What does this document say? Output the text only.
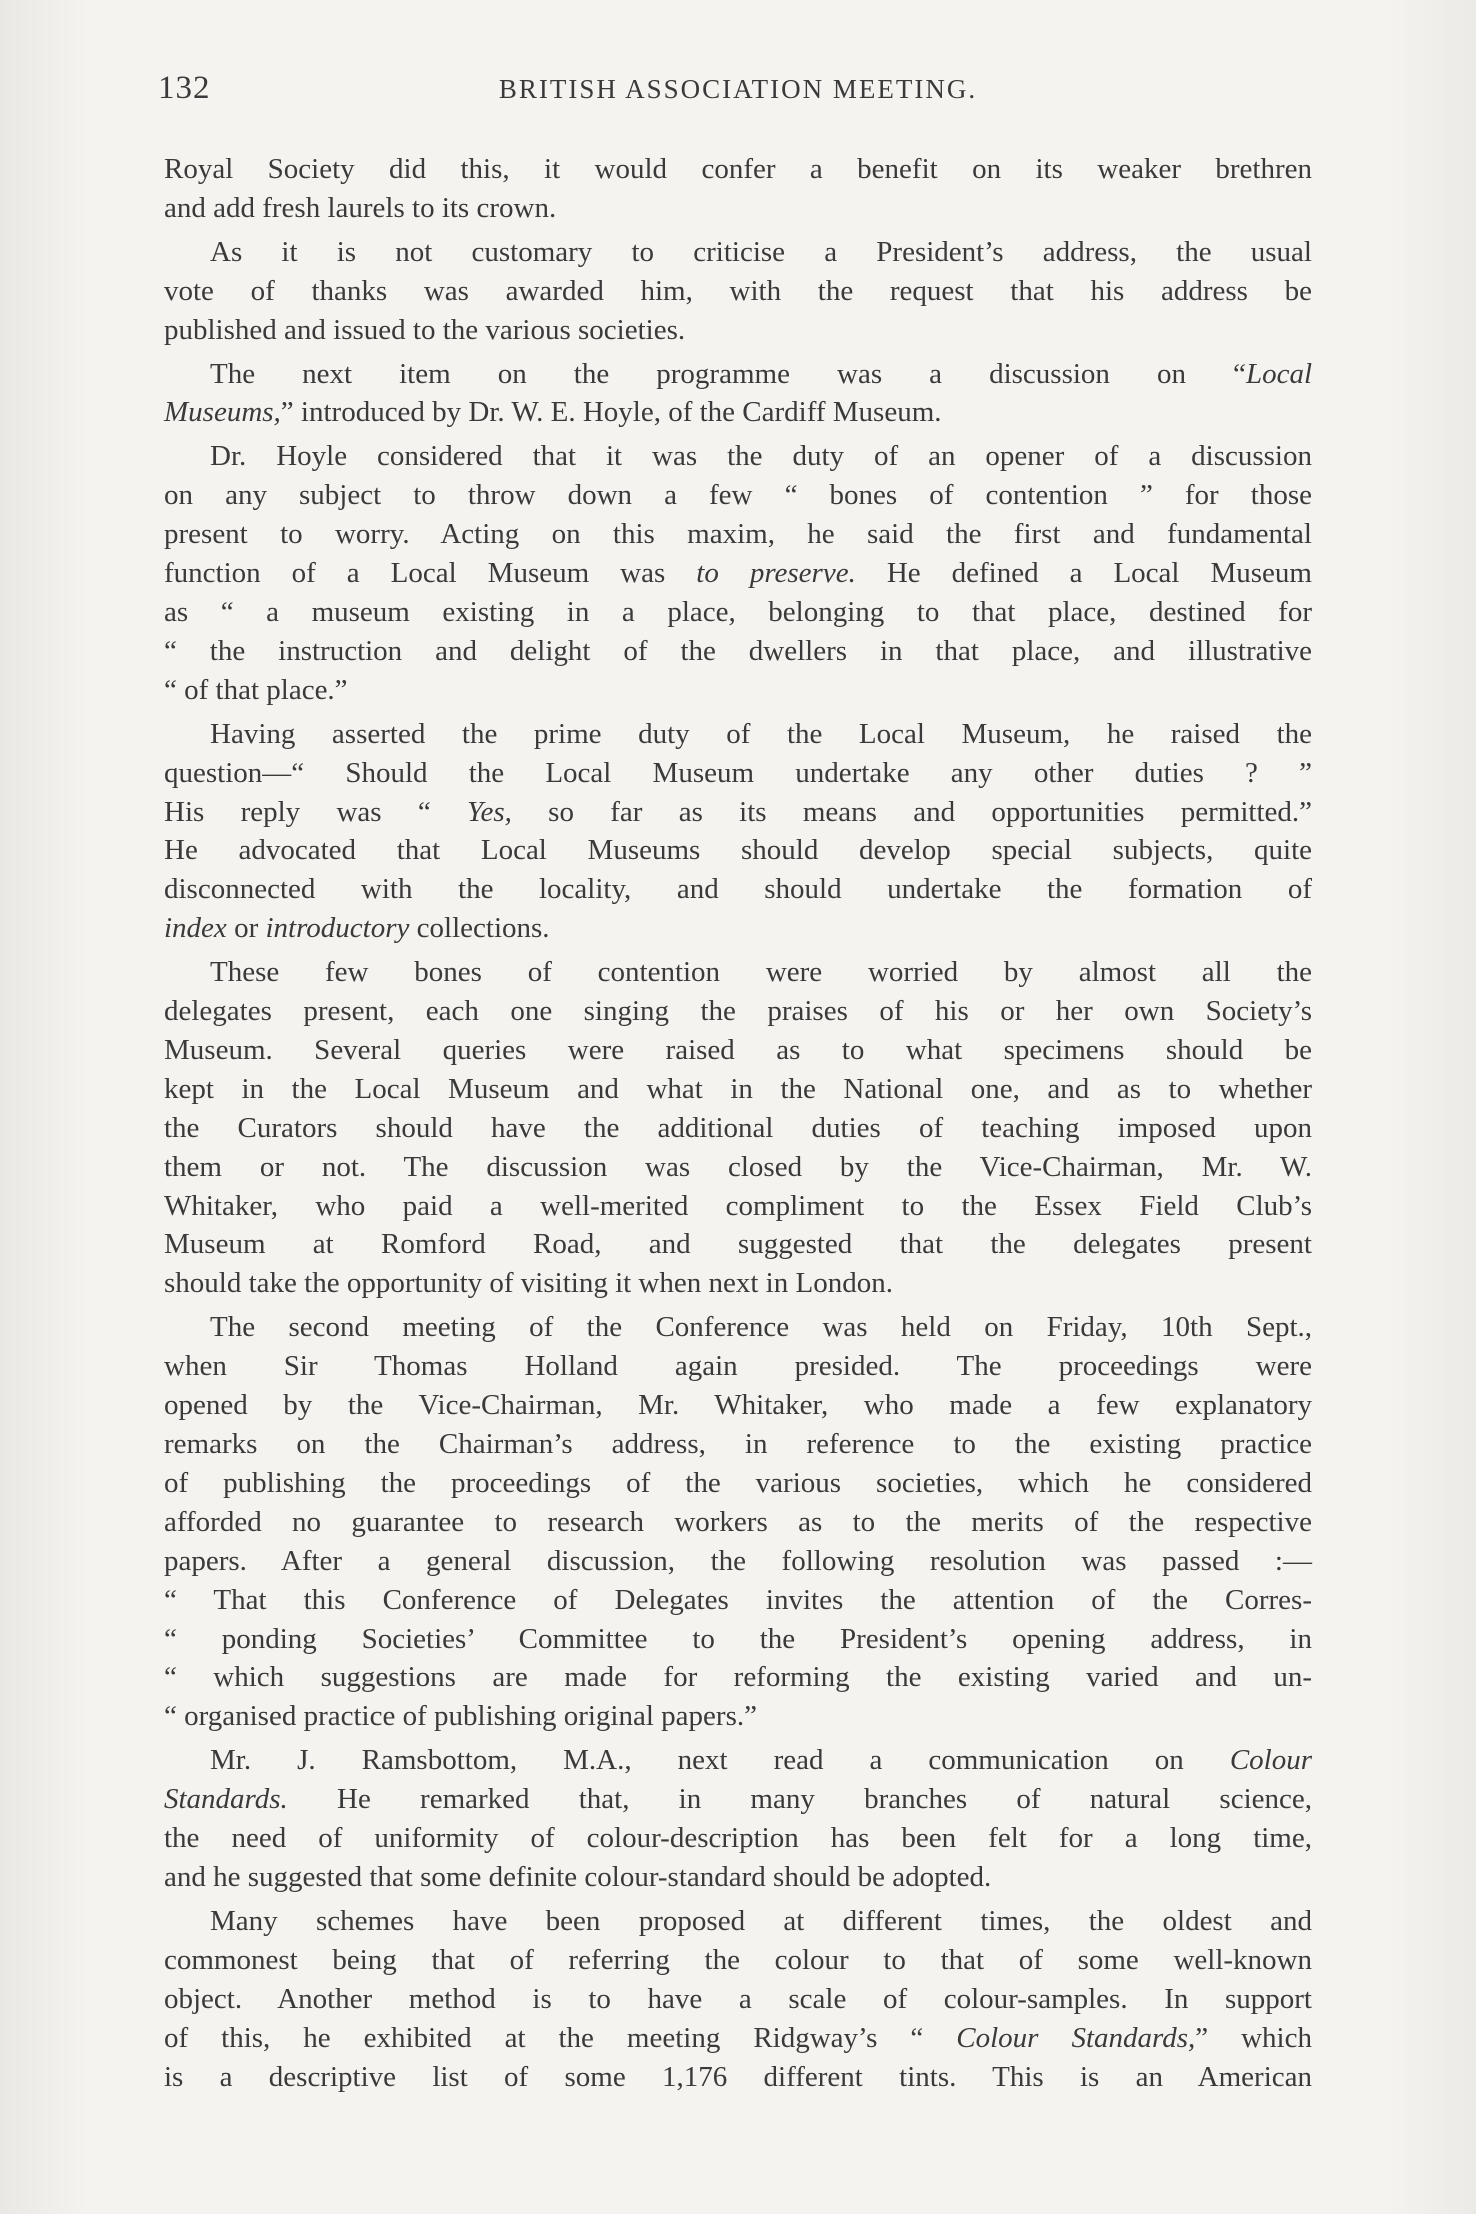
132	BRITISH ASSOCIATION MEETING.
Royal Society did this, it would confer a benefit on its weaker brethren
and add fresh laurels to its crown.
As it is not customary to criticise a President’s address, the usual
vote of thanks was awarded him, with the request that his address be
published and issued to the various societies.
The next item on the programme was a discussion on “Local
Museums,” introduced by Dr. W. E. Hoyle, of the Cardiff Museum.
Dr. Hoyle considered that it was the duty of an opener of a discussion
on any subject to throw down a few “ bones of contention ” for those
present to worry. Acting on this maxim, he said the first and fundamental
function of a Local Museum was to preserve. He defined a Local Museum
as “ a museum existing in a place, belonging to that place, destined for
“ the instruction and delight of the dwellers in that place, and illustrative
“ of that place.”
Having asserted the prime duty of the Local Museum, he raised the
question—“ Should the Local Museum undertake any other duties ? ”
His reply was “ Yes, so far as its means and opportunities permitted.”
He advocated that Local Museums should develop special subjects, quite
disconnected with the locality, and should undertake the formation of
index or introductory collections.
These few bones of contention were worried by almost all the
delegates present, each one singing the praises of his or her own Society’s
Museum. Several queries were raised as to what specimens should be
kept in the Local Museum and what in the National one, and as to whether
the Curators should have the additional duties of teaching imposed upon
them or not. The discussion was closed by the Vice-Chairman, Mr. W.
Whitaker, who paid a well-merited compliment to the Essex Field Club’s
Museum at Romford Road, and suggested that the delegates present
should take the opportunity of visiting it when next in London.
The second meeting of the Conference was held on Friday, 10th Sept.,
when Sir Thomas Holland again presided. The proceedings were
opened by the Vice-Chairman, Mr. Whitaker, who made a few explanatory
remarks on the Chairman’s address, in reference to the existing practice
of publishing the proceedings of the various societies, which he considered
afforded no guarantee to research workers as to the merits of the respective
papers. After a general discussion, the following resolution was passed :—
“ That this Conference of Delegates invites the attention of the Corres-
“ ponding Societies’ Committee to the President’s opening address, in
“ which suggestions are made for reforming the existing varied and un-
“ organised practice of publishing original papers.”
Mr. J. Ramsbottom, M.A., next read a communication on Colour
Standards. He remarked that, in many branches of natural science,
the need of uniformity of colour-description has been felt for a long time,
and he suggested that some definite colour-standard should be adopted.
Many schemes have been proposed at different times, the oldest and
commonest being that of referring the colour to that of some well-known
object. Another method is to have a scale of colour-samples. In support
of this, he exhibited at the meeting Ridgway’s “ Colour Standards,” which
is a descriptive list of some 1,176 different tints. This is an American
